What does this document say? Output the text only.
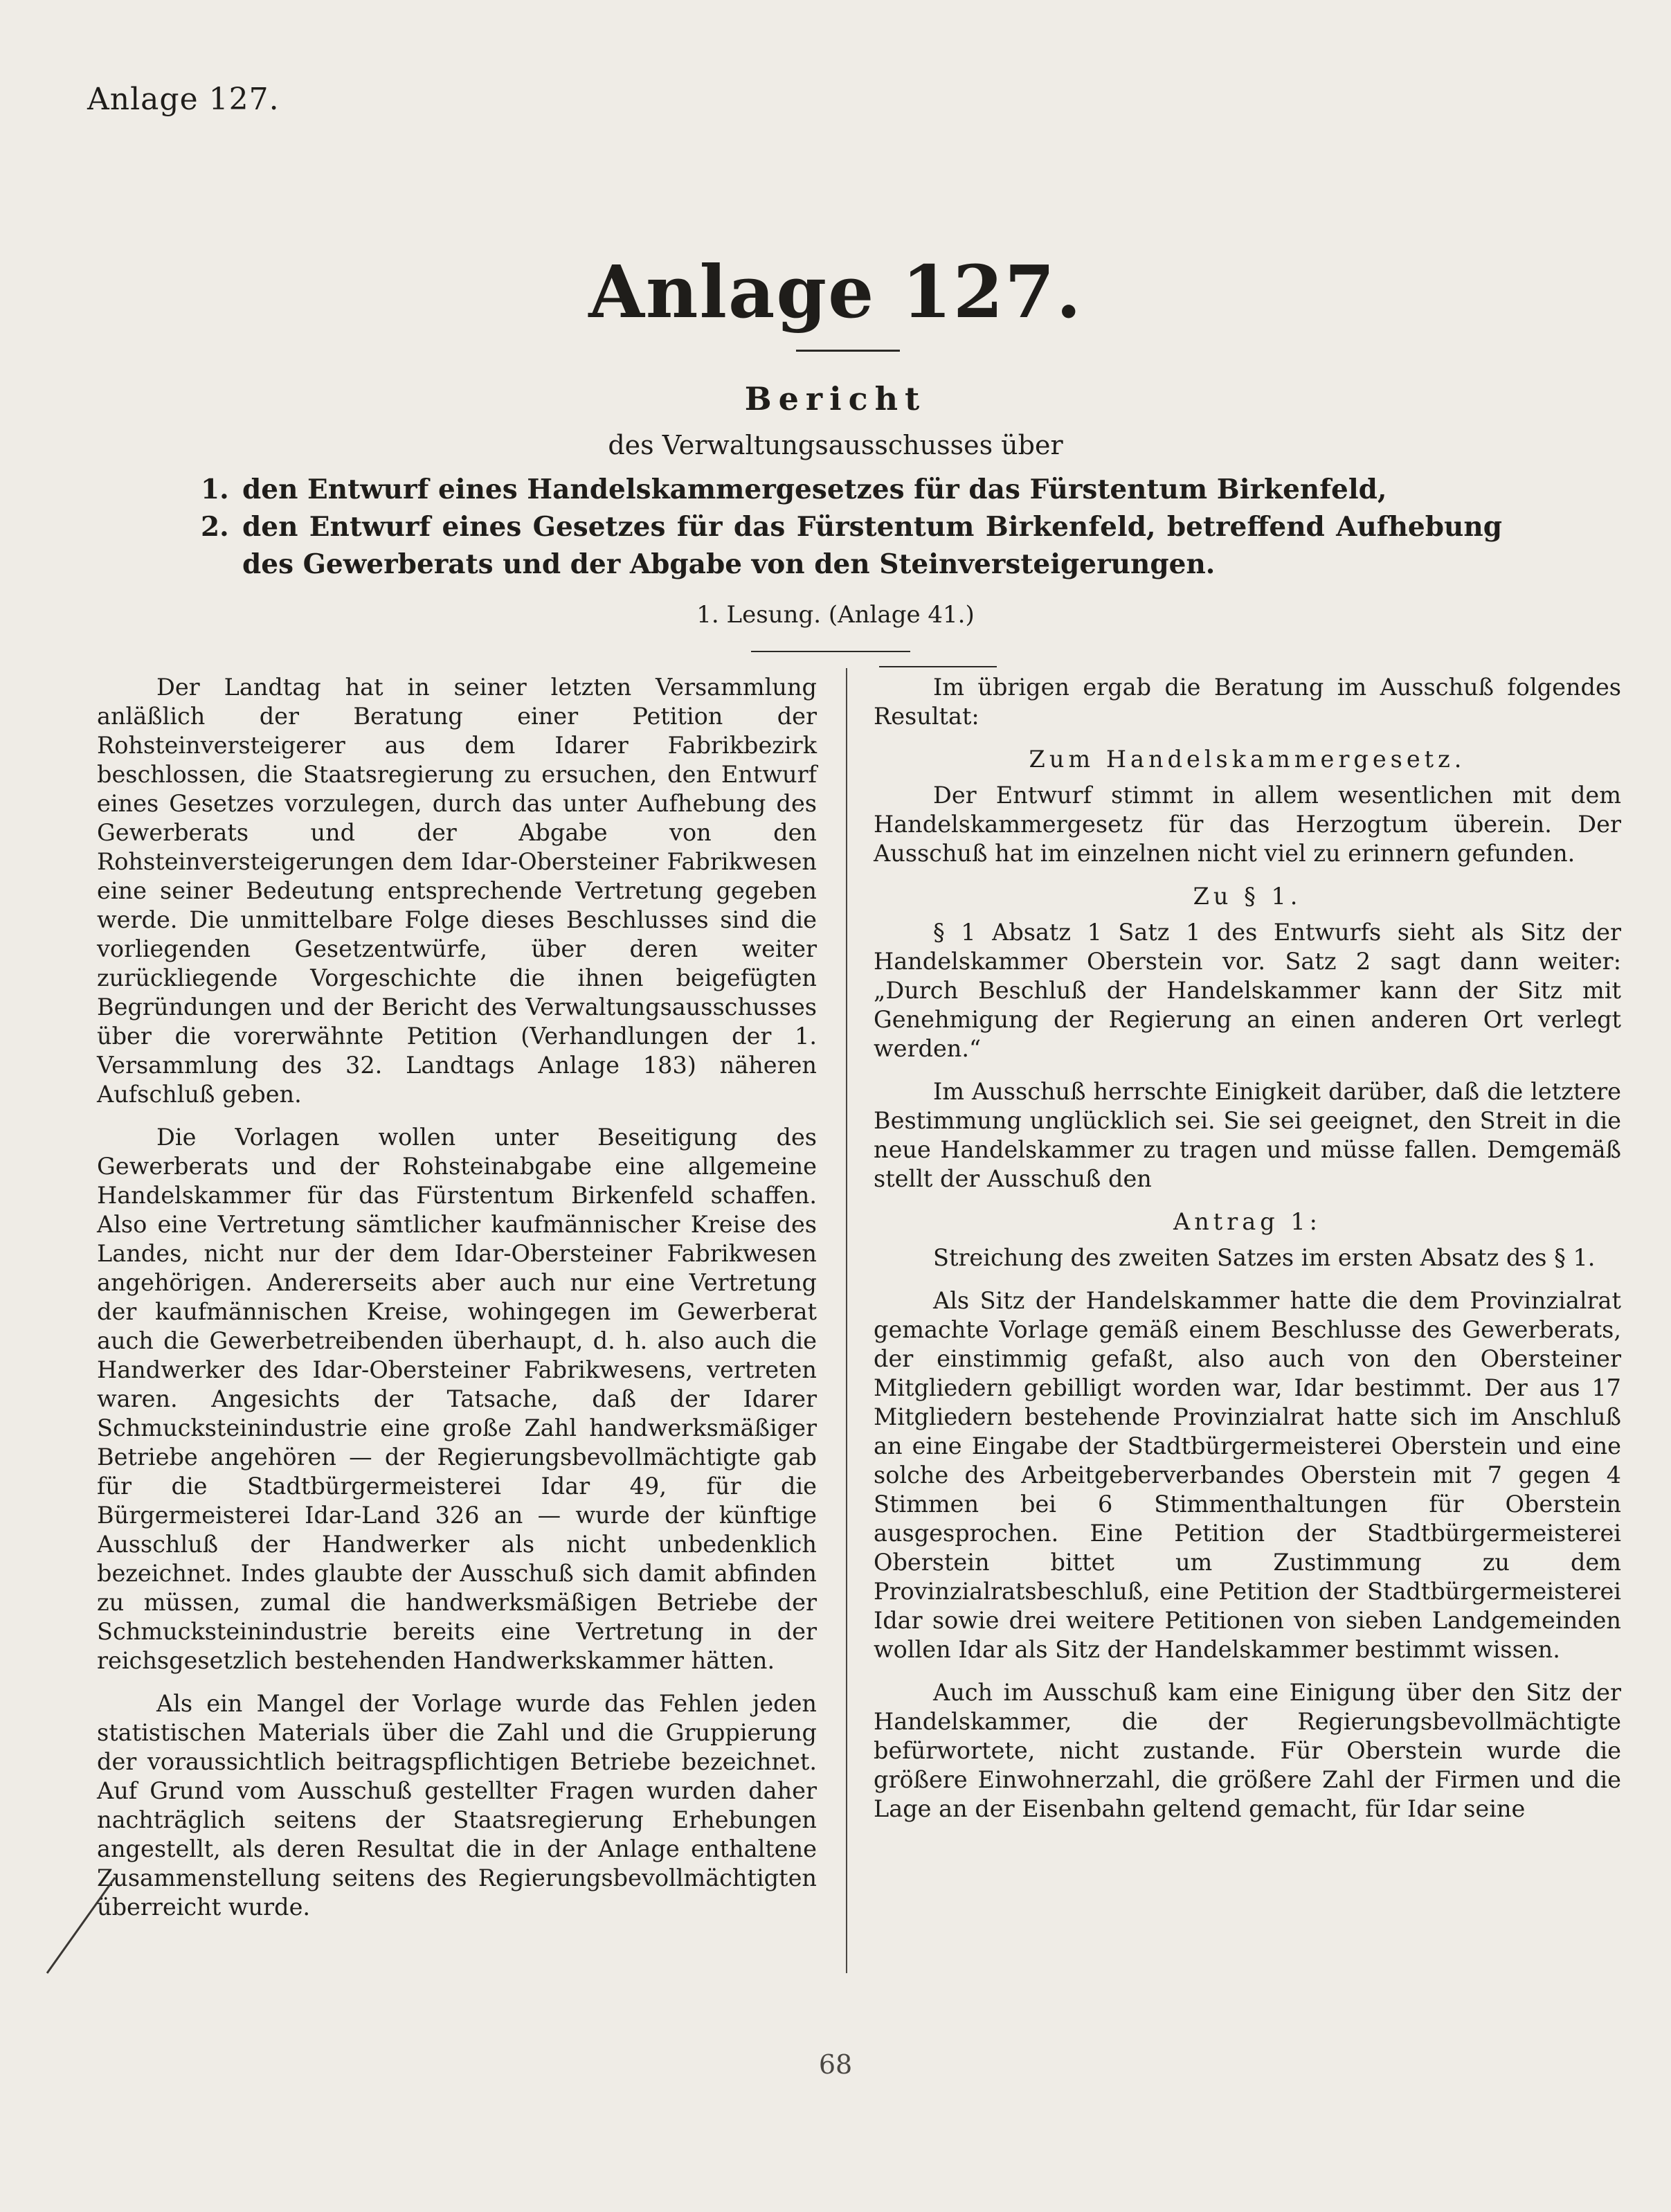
Anlage 127.
Anlage 127.
Bericht
des Verwaltungsausschusses über
1. den Entwurf eines Handelskammergesetzes für das Fürstentum Birkenfeld,
2. den Entwurf eines Gesetzes für das Fürstentum Birkenfeld, betreffend Aufhebung des Gewerberats und der Abgabe von den Steinversteigerungen.
1. Lesung. (Anlage 41.)

Der Landtag hat in seiner letzten Versammlung anläßlich der Beratung einer Petition der Rohsteinversteigerer aus dem Idarer Fabrikbezirk beschlossen, die Staatsregierung zu ersuchen, den Entwurf eines Gesetzes vorzulegen, durch das unter Aufhebung des Gewerberats und der Abgabe von den Rohsteinversteigerungen dem Idar-Obersteiner Fabrikwesen eine seiner Bedeutung entsprechende Vertretung gegeben werde. Die unmittelbare Folge dieses Beschlusses sind die vorliegenden Gesetzentwürfe, über deren weiter zurückliegende Vorgeschichte die ihnen beigefügten Begründungen und der Bericht des Verwaltungsausschusses über die vorerwähnte Petition (Verhandlungen der 1. Versammlung des 32. Landtags Anlage 183) näheren Aufschluß geben.

Die Vorlagen wollen unter Beseitigung des Gewerberats und der Rohsteinabgabe eine allgemeine Handelskammer für das Fürstentum Birkenfeld schaffen. Also eine Vertretung sämtlicher kaufmännischer Kreise des Landes, nicht nur der dem Idar-Obersteiner Fabrikwesen angehörigen. Andererseits aber auch nur eine Vertretung der kaufmännischen Kreise, wohingegen im Gewerberat auch die Gewerbetreibenden überhaupt, d. h. also auch die Handwerker des Idar-Obersteiner Fabrikwesens, vertreten waren. Angesichts der Tatsache, daß der Idarer Schmucksteinindustrie eine große Zahl handwerksmäßiger Betriebe angehören — der Regierungsbevollmächtigte gab für die Stadtbürgermeisterei Idar 49, für die Bürgermeisterei Idar-Land 326 an — wurde der künftige Ausschluß der Handwerker als nicht unbedenklich bezeichnet. Indes glaubte der Ausschuß sich damit abfinden zu müssen, zumal die handwerksmäßigen Betriebe der Schmucksteinindustrie bereits eine Vertretung in der reichsgesetzlich bestehenden Handwerkskammer hätten.

Als ein Mangel der Vorlage wurde das Fehlen jeden statistischen Materials über die Zahl und die Gruppierung der voraussichtlich beitragspflichtigen Betriebe bezeichnet. Auf Grund vom Ausschuß gestellter Fragen wurden daher nachträglich seitens der Staatsregierung Erhebungen angestellt, als deren Resultat die in der Anlage enthaltene Zusammenstellung seitens des Regierungsbevollmächtigten überreicht wurde.

Im übrigen ergab die Beratung im Ausschuß folgendes Resultat:

Zum Handelskammergesetz.

Der Entwurf stimmt in allem wesentlichen mit dem Handelskammergesetz für das Herzogtum überein. Der Ausschuß hat im einzelnen nicht viel zu erinnern gefunden.

Zu § 1.

§ 1 Absatz 1 Satz 1 des Entwurfs sieht als Sitz der Handelskammer Oberstein vor. Satz 2 sagt dann weiter: „Durch Beschluß der Handelskammer kann der Sitz mit Genehmigung der Regierung an einen anderen Ort verlegt werden.“

Im Ausschuß herrschte Einigkeit darüber, daß die letztere Bestimmung unglücklich sei. Sie sei geeignet, den Streit in die neue Handelskammer zu tragen und müsse fallen. Demgemäß stellt der Ausschuß den

Antrag 1:

Streichung des zweiten Satzes im ersten Absatz des § 1.

Als Sitz der Handelskammer hatte die dem Provinzialrat gemachte Vorlage gemäß einem Beschlusse des Gewerberats, der einstimmig gefaßt, also auch von den Obersteiner Mitgliedern gebilligt worden war, Idar bestimmt. Der aus 17 Mitgliedern bestehende Provinzialrat hatte sich im Anschluß an eine Eingabe der Stadtbürgermeisterei Oberstein und eine solche des Arbeitgeberverbandes Oberstein mit 7 gegen 4 Stimmen bei 6 Stimmenthaltungen für Oberstein ausgesprochen. Eine Petition der Stadtbürgermeisterei Oberstein bittet um Zustimmung zu dem Provinzialratsbeschluß, eine Petition der Stadtbürgermeisterei Idar sowie drei weitere Petitionen von sieben Landgemeinden wollen Idar als Sitz der Handelskammer bestimmt wissen.

Auch im Ausschuß kam eine Einigung über den Sitz der Handelskammer, die der Regierungsbevollmächtigte befürwortete, nicht zustande. Für Oberstein wurde die größere Einwohnerzahl, die größere Zahl der Firmen und die Lage an der Eisenbahn geltend gemacht, für Idar seine

68
